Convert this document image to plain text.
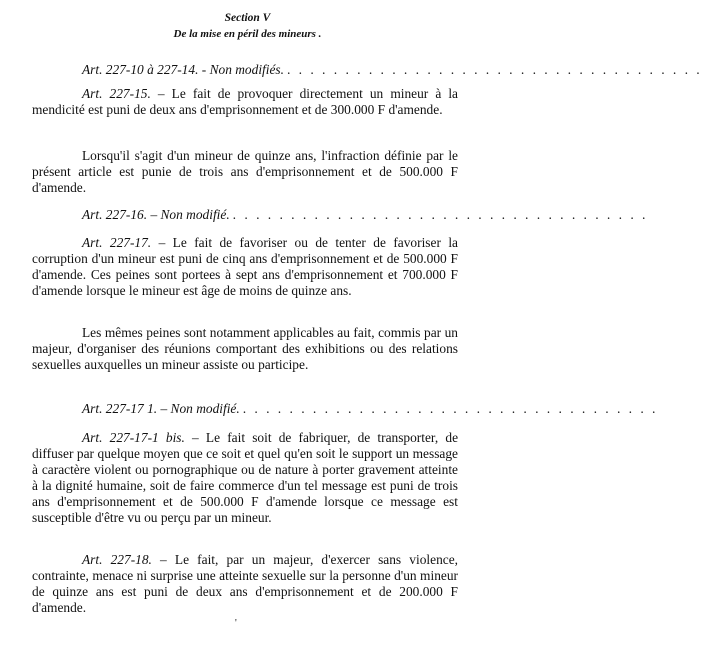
Section V
De la mise en péril des mineurs .
Art. 227-10 à 227-14. - Non modifiés. . . . . . . . . . . . . . . . . . . . . . . . . . . . . . . . . . . . .

Art. 227-15. – Le fait de provoquer directement un mineur à la mendicité est puni de deux ans d'emprisonnement et de 300.000 F d'amende.

Lorsqu'il s'agit d'un mineur de quinze ans, l'infraction définie par le présent article est punie de trois ans d'emprisonnement et de 500.000 F d'amende.

Art. 227-16. – Non modifié. . . . . . . . . . . . . . . . . . . . . . . . . . . . . . . . . . . . .

Art. 227-17. – Le fait de favoriser ou de tenter de favoriser la corruption d'un mineur est puni de cinq ans d'emprisonnement et de 500.000 F d'amende. Ces peines sont portees à sept ans d'emprisonnement et 700.000 F d'amende lorsque le mineur est âge de moins de quinze ans.

Les mêmes peines sont notamment applicables au fait, commis par un majeur, d'organiser des réunions comportant des exhibitions ou des relations sexuelles auxquelles un mineur assiste ou participe.

Art. 227-17 1. – Non modifié. . . . . . . . . . . . . . . . . . . . . . . . . . . . . . . . . . . . .

Art. 227-17-1 bis. – Le fait soit de fabriquer, de transporter, de diffuser par quelque moyen que ce soit et quel qu'en soit le support un message à caractère violent ou pornographique ou de nature à porter gravement atteinte à la dignité humaine, soit de faire commerce d'un tel message est puni de trois ans d'emprisonnement et de 500.000 F d'amende lorsque ce message est susceptible d'être vu ou perçu par un mineur.

Art. 227-18. – Le fait, par un majeur, d'exercer sans violence, contrainte, menace ni surprise une atteinte sexuelle sur la personne d'un mineur de quinze ans est puni de deux ans d'emprisonnement et de 200.000 F d'amende.

'
